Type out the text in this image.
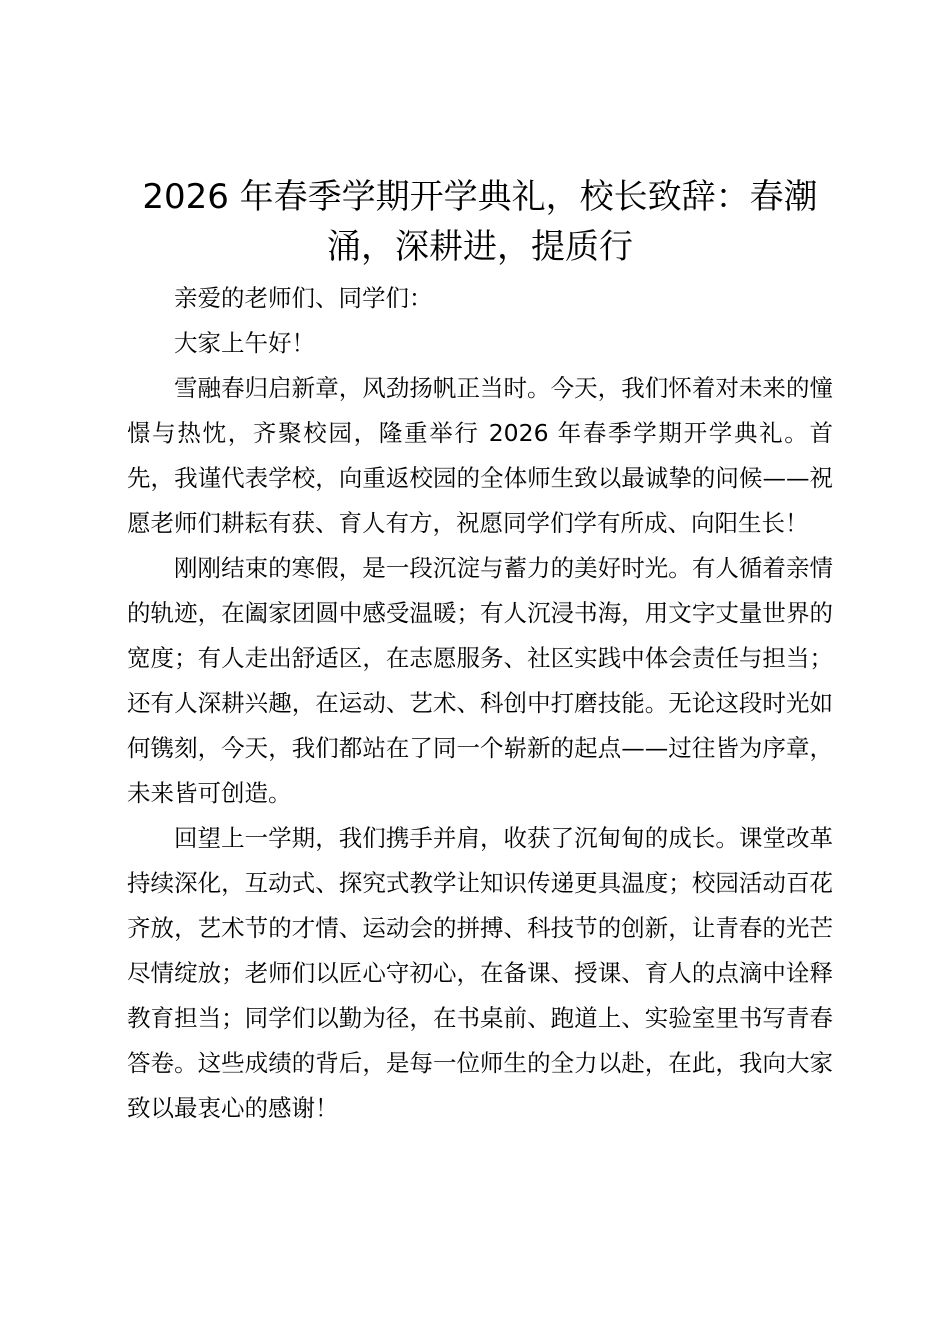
2026 年春季学期开学典礼，校长致辞：春潮涌，深耕进，提质行

亲爱的老师们、同学们：

大家上午好！

雪融春归启新章，风劲扬帆正当时。今天，我们怀着对未来的憧憬与热忱，齐聚校园，隆重举行 2026 年春季学期开学典礼。首先，我谨代表学校，向重返校园的全体师生致以最诚挚的问候——祝愿老师们耕耘有获、育人有方，祝愿同学们学有所成、向阳生长！

刚刚结束的寒假，是一段沉淀与蓄力的美好时光。有人循着亲情的轨迹，在阖家团圆中感受温暖；有人沉浸书海，用文字丈量世界的宽度；有人走出舒适区，在志愿服务、社区实践中体会责任与担当；还有人深耕兴趣，在运动、艺术、科创中打磨技能。无论这段时光如何镌刻，今天，我们都站在了同一个崭新的起点——过往皆为序章，未来皆可创造。

回望上一学期，我们携手并肩，收获了沉甸甸的成长。课堂改革持续深化，互动式、探究式教学让知识传递更具温度；校园活动百花齐放，艺术节的才情、运动会的拼搏、科技节的创新，让青春的光芒尽情绽放；老师们以匠心守初心，在备课、授课、育人的点滴中诠释教育担当；同学们以勤为径，在书桌前、跑道上、实验室里书写青春答卷。这些成绩的背后，是每一位师生的全力以赴，在此，我向大家致以最衷心的感谢！
